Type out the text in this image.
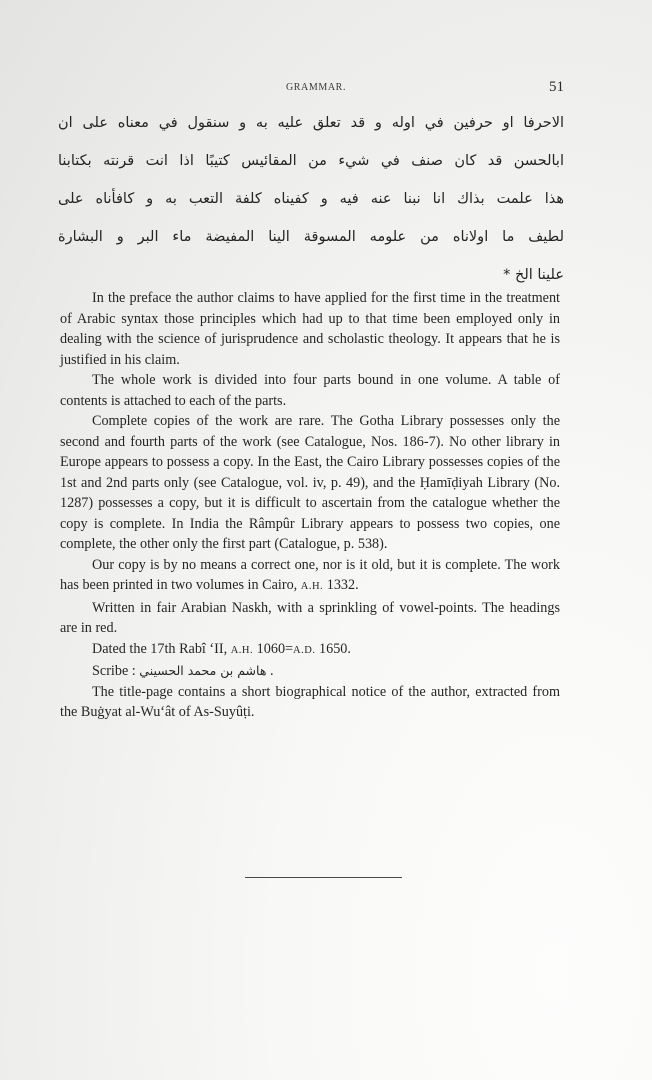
GRAMMAR.	51
الاحرفا او حرفين في اوله و قد تعلق عليه به و سنقول في معناه على ان
ابالحسن قد كان صنف في شيء من المقائيس كتيبًا اذا انت قرنته بكتابنا
هذا علمت بذاك انا نبنا عنه فيه و كفيناه كلفة التعب به و كافأناه على
لطيف ما اولاناه من علومه المسوقة الينا المفيضة ماء البر و البشارة
علينا الخ *

In the preface the author claims to have applied for the first time in the treatment of Arabic syntax those principles which had up to that time been employed only in dealing with the science of jurisprudence and scholastic theology. It appears that he is justified in his claim.

The whole work is divided into four parts bound in one volume. A table of contents is attached to each of the parts.

Complete copies of the work are rare. The Gotha Library possesses only the second and fourth parts of the work (see Catalogue, Nos. 186-7). No other library in Europe appears to possess a copy. In the East, the Cairo Library possesses copies of the 1st and 2nd parts only (see Catalogue, vol. iv, p. 49), and the Ḥamīḍiyah Library (No. 1287) possesses a copy, but it is difficult to ascertain from the catalogue whether the copy is complete. In India the Râmpûr Library appears to possess two copies, one complete, the other only the first part (Catalogue, p. 538).

Our copy is by no means a correct one, nor is it old, but it is complete. The work has been printed in two volumes in Cairo, A.H. 1332.

Written in fair Arabian Naskh, with a sprinkling of vowel-points. The headings are in red.

Dated the 17th Rabî ‘II, A.H. 1060=A.D. 1650.

Scribe : هاشم بن محمد الحسيني .

The title-page contains a short biographical notice of the author, extracted from the Buġyat al-Wu‘ât of As-Suyûṭi.
